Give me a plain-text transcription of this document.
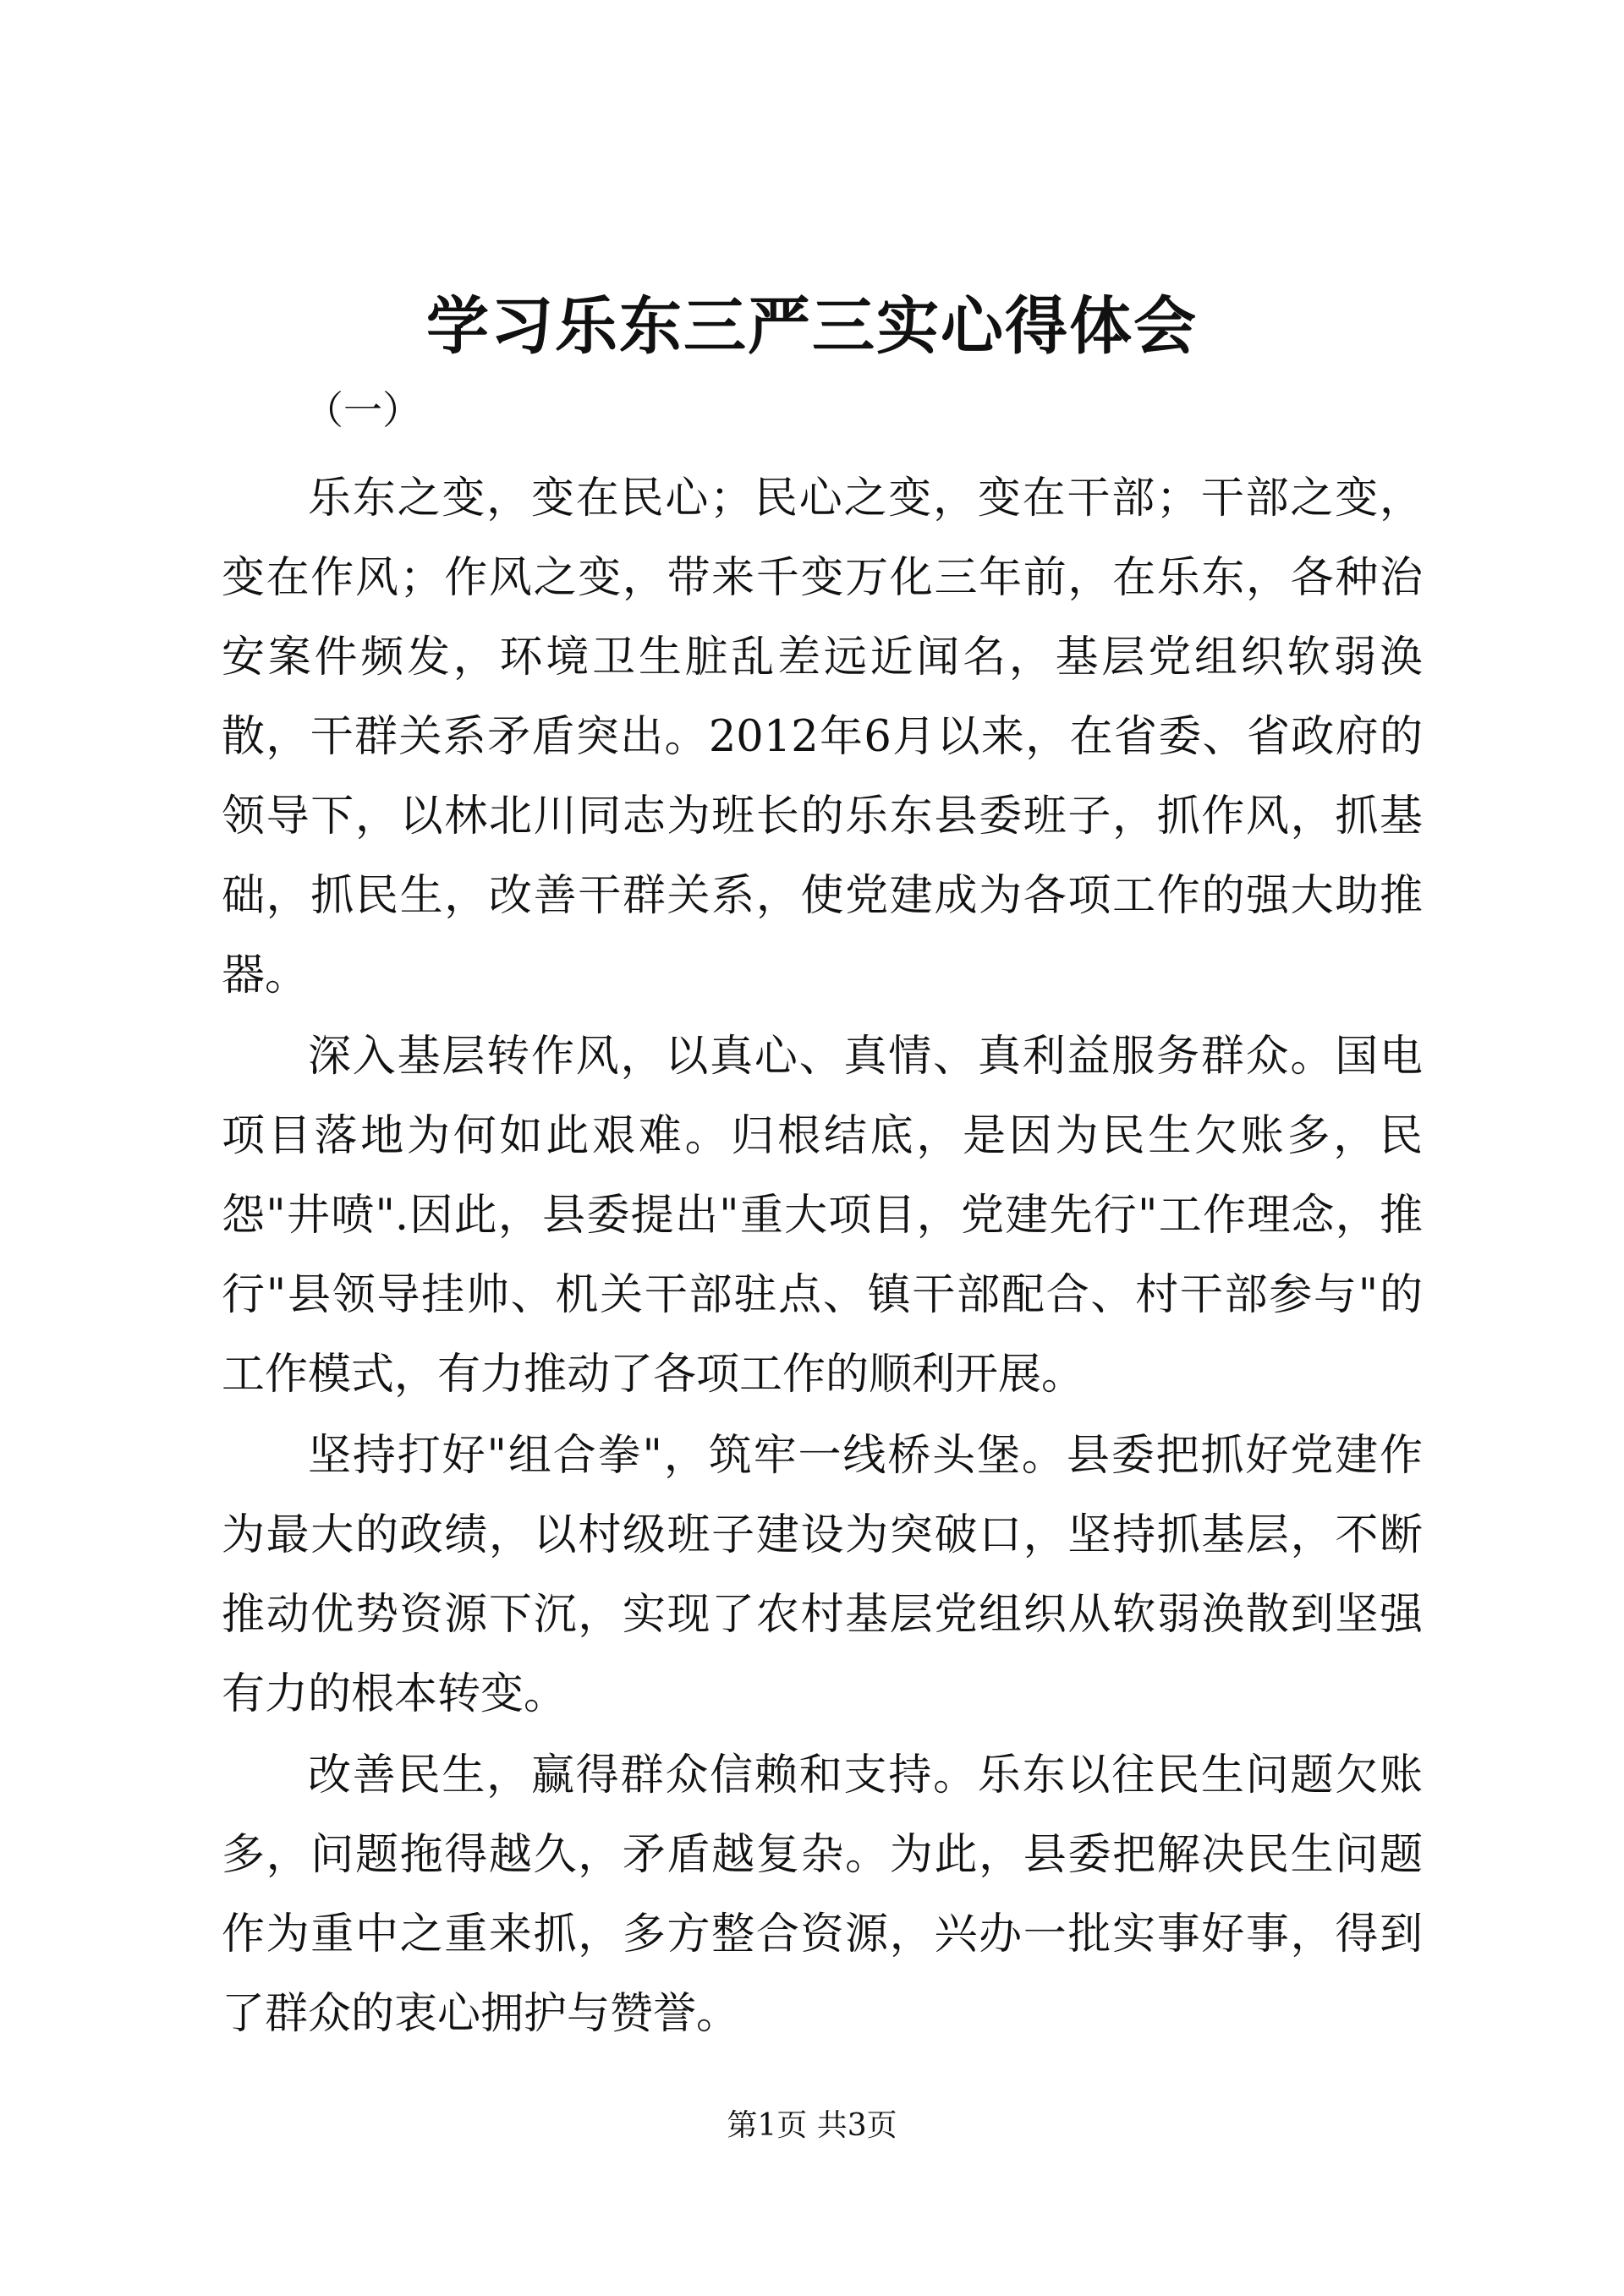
学习乐东三严三实心得体会

（一）

乐东之变，变在民心；民心之变，变在干部；干部之变，变在作风；作风之变，带来千变万化三年前，在乐东，各种治安案件频发，环境卫生脏乱差远近闻名，基层党组织软弱涣散，干群关系矛盾突出。2012年6月以来，在省委、省政府的领导下，以林北川同志为班长的乐东县委班子，抓作风，抓基础，抓民生，改善干群关系，使党建成为各项工作的强大助推器。

深入基层转作风，以真心、真情、真利益服务群众。国电项目落地为何如此艰难。归根结底，是因为民生欠账多，民怨"井喷".因此，县委提出"重大项目，党建先行"工作理念，推行"县领导挂帅、机关干部驻点、镇干部配合、村干部参与"的工作模式，有力推动了各项工作的顺利开展。

坚持打好"组合拳"，筑牢一线桥头堡。县委把抓好党建作为最大的政绩，以村级班子建设为突破口，坚持抓基层，不断推动优势资源下沉，实现了农村基层党组织从软弱涣散到坚强有力的根本转变。

改善民生，赢得群众信赖和支持。乐东以往民生问题欠账多，问题拖得越久，矛盾越复杂。为此，县委把解决民生问题作为重中之重来抓，多方整合资源，兴办一批实事好事，得到了群众的衷心拥护与赞誉。

第1页 共3页
